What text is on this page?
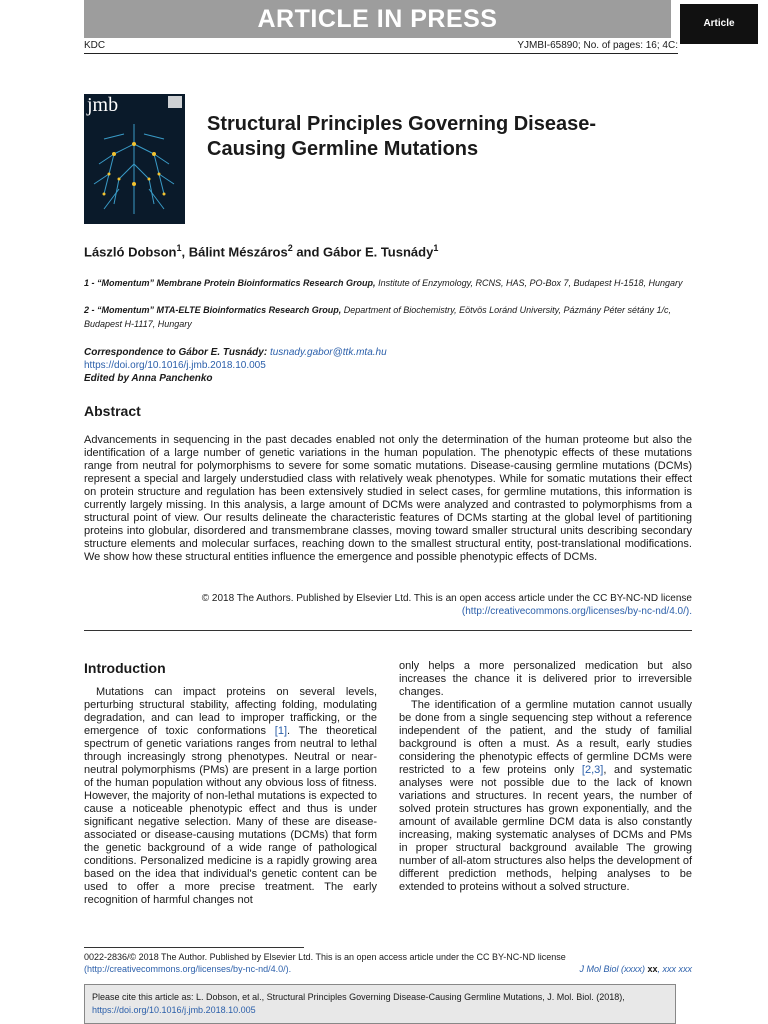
ARTICLE IN PRESS	Article
KDC	YJMBI-65890; No. of pages: 16; 4C:
jmb
Structural Principles Governing Disease-Causing Germline Mutations
László Dobson$^1$, Bálint Mészáros$^2$ and Gábor E. Tusnády$^1$
1 - “Momentum” Membrane Protein Bioinformatics Research Group, Institute of Enzymology, RCNS, HAS, PO-Box 7, Budapest H-1518, Hungary
2 - “Momentum” MTA-ELTE Bioinformatics Research Group, Department of Biochemistry, Eötvös Loránd University, Pázmány Péter sétány 1/c, Budapest H-1117, Hungary
Correspondence to Gábor E. Tusnády: tusnady.gabor@ttk.mta.hu
https://doi.org/10.1016/j.jmb.2018.10.005
Edited by Anna Panchenko
Abstract
Advancements in sequencing in the past decades enabled not only the determination of the human proteome but also the identification of a large number of genetic variations in the human population. The phenotypic effects of these mutations range from neutral for polymorphisms to severe for some somatic mutations. Disease-causing germline mutations (DCMs) represent a special and largely understudied class with relatively weak phenotypes. While for somatic mutations their effect on protein structure and regulation has been extensively studied in select cases, for germline mutations, this information is currently largely missing. In this analysis, a large amount of DCMs were analyzed and contrasted to polymorphisms from a structural point of view. Our results delineate the characteristic features of DCMs starting at the global level of partitioning proteins into globular, disordered and transmembrane classes, moving toward smaller structural units describing secondary structure elements and molecular surfaces, reaching down to the smallest structural entity, post-translational modifications. We show how these structural entities influence the emergence and possible phenotypic effects of DCMs.
© 2018 The Authors. Published by Elsevier Ltd. This is an open access article under the CC BY-NC-ND license
(http://creativecommons.org/licenses/by-nc-nd/4.0/).
Introduction

Mutations can impact proteins on several levels, perturbing structural stability, affecting folding, modulating degradation, and can lead to improper trafficking, or the emergence of toxic conformations [1]. The theoretical spectrum of genetic variations ranges from neutral to lethal through increasingly strong phenotypes. Neutral or near-neutral polymorphisms (PMs) are present in a large portion of the human population without any obvious loss of fitness. However, the majority of non-lethal mutations is expected to cause a noticeable phenotypic effect and thus is under significant negative selection. Many of these are disease-associated or disease-causing mutations (DCMs) that form the genetic background of a wide range of pathological conditions. Personalized medicine is a rapidly growing area based on the idea that individual's genetic content can be used to offer a more precise treatment. The early recognition of harmful changes not

only helps a more personalized medication but also increases the chance it is delivered prior to irreversible changes.

The identification of a germline mutation cannot usually be done from a single sequencing step without a reference independent of the patient, and the study of familial background is often a must. As a result, early studies considering the phenotypic effects of germline DCMs were restricted to a few proteins only [2,3], and systematic analyses were not possible due to the lack of known variations and structures. In recent years, the number of solved protein structures has grown exponentially, and the amount of available germline DCM data is also constantly increasing, making systematic analyses of DCMs and PMs in proper structural background available The growing number of all-atom structures also helps the development of different prediction methods, helping analyses to be extended to proteins without a solved structure.

0022-2836/© 2018 The Author. Published by Elsevier Ltd. This is an open access article under the CC BY-NC-ND license
(http://creativecommons.org/licenses/by-nc-nd/4.0/).	J Mol Biol (xxxx) xx, xxx xxx
Please cite this article as: L. Dobson, et al., Structural Principles Governing Disease-Causing Germline Mutations, J. Mol. Biol. (2018), https://doi.org/10.1016/j.jmb.2018.10.005
